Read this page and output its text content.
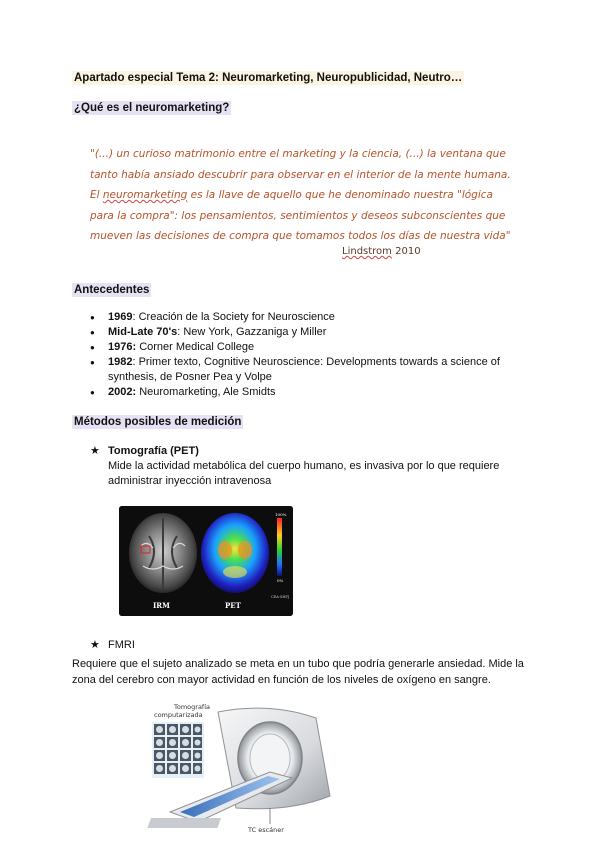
Apartado especial Tema 2: Neuromarketing, Neuropublicidad, Neutro…
¿Qué es el neuromarketing?
"(...) un curioso matrimonio entre el marketing y la ciencia, (...) la ventana que
tanto había ansiado descubrir para observar en el interior de la mente humana.
El neuromarketing es la llave de aquello que he denominado nuestra "lógica
para la compra": los pensamientos, sentimientos y deseos subconscientes que
mueven las decisiones de compra que tomamos todos los días de nuestra vida"
Lindstrom 2010
Antecedentes
● 1969: Creación de la Society for Neuroscience
● Mid-Late 70's: New York, Gazzaniga y Miller
● 1976: Corner Medical College
● 1982: Primer texto, Cognitive Neuroscience: Developments towards a science of synthesis, de Posner Pea y Volpe
● 2002: Neuromarketing, Ale Smidts
Métodos posibles de medición
★ Tomografía (PET)
Mide la actividad metabólica del cuerpo humano, es invasiva por lo que requiere administrar inyección intravenosa
100%
0%
CEA-SHFJ
IRM	PET
★ FMRI
Requiere que el sujeto analizado se meta en un tubo que podría generarle ansiedad. Mide la zona del cerebro con mayor actividad en función de los niveles de oxígeno en sangre.
Tomografía
computarizada
TC escáner
